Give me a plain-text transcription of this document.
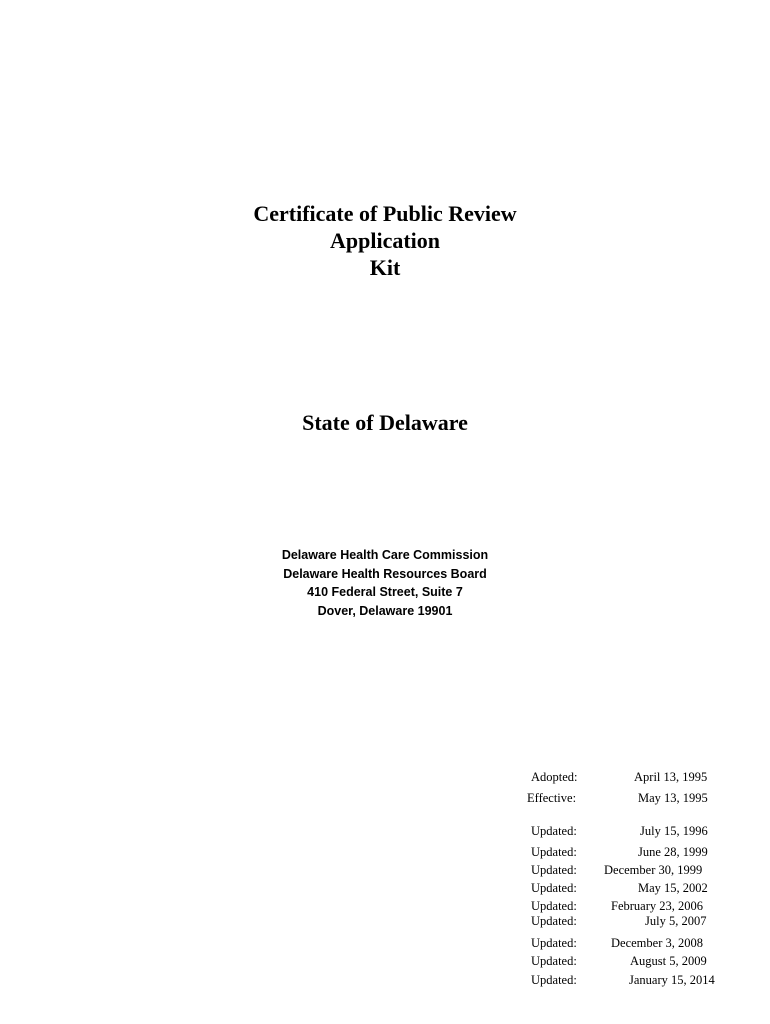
Certificate of Public Review
Application
Kit
State of Delaware
Delaware Health Care Commission
Delaware Health Resources Board
410 Federal Street, Suite 7
Dover, Delaware 19901
Adopted:	April 13, 1995
Effective:	May 13, 1995
Updated:	July 15, 1996
Updated:	June 28, 1999
Updated: December 30, 1999
Updated:	May 15, 2002
Updated:	February 23, 2006
Updated:	July 5, 2007
Updated:	December 3, 2008
Updated:	August 5, 2009
Updated:	January 15, 2014
